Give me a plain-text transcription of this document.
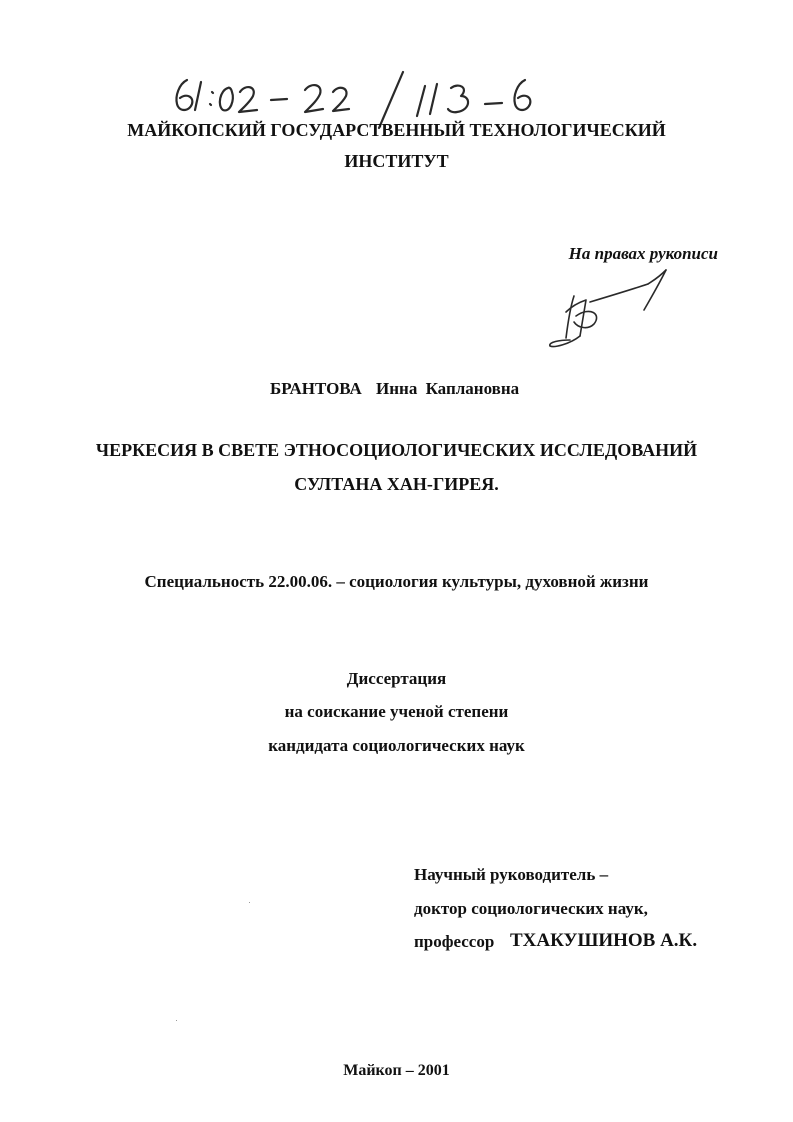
МАЙКОПСКИЙ ГОСУДАРСТВЕННЫЙ ТЕХНОЛОГИЧЕСКИЙ
ИНСТИТУТ
На правах рукописи
БРАНТОВА Инна Каплановна
ЧЕРКЕСИЯ В СВЕТЕ ЭТНОСОЦИОЛОГИЧЕСКИХ ИССЛЕДОВАНИЙ
СУЛТАНА ХАН-ГИРЕЯ.
Специальность 22.00.06. – социология культуры, духовной жизни
Диссертация
на соискание ученой степени
кандидата социологических наук
Научный руководитель –
доктор социологических наук,
профессор ТХАКУШИНОВ А.К.
Майкоп – 2001
